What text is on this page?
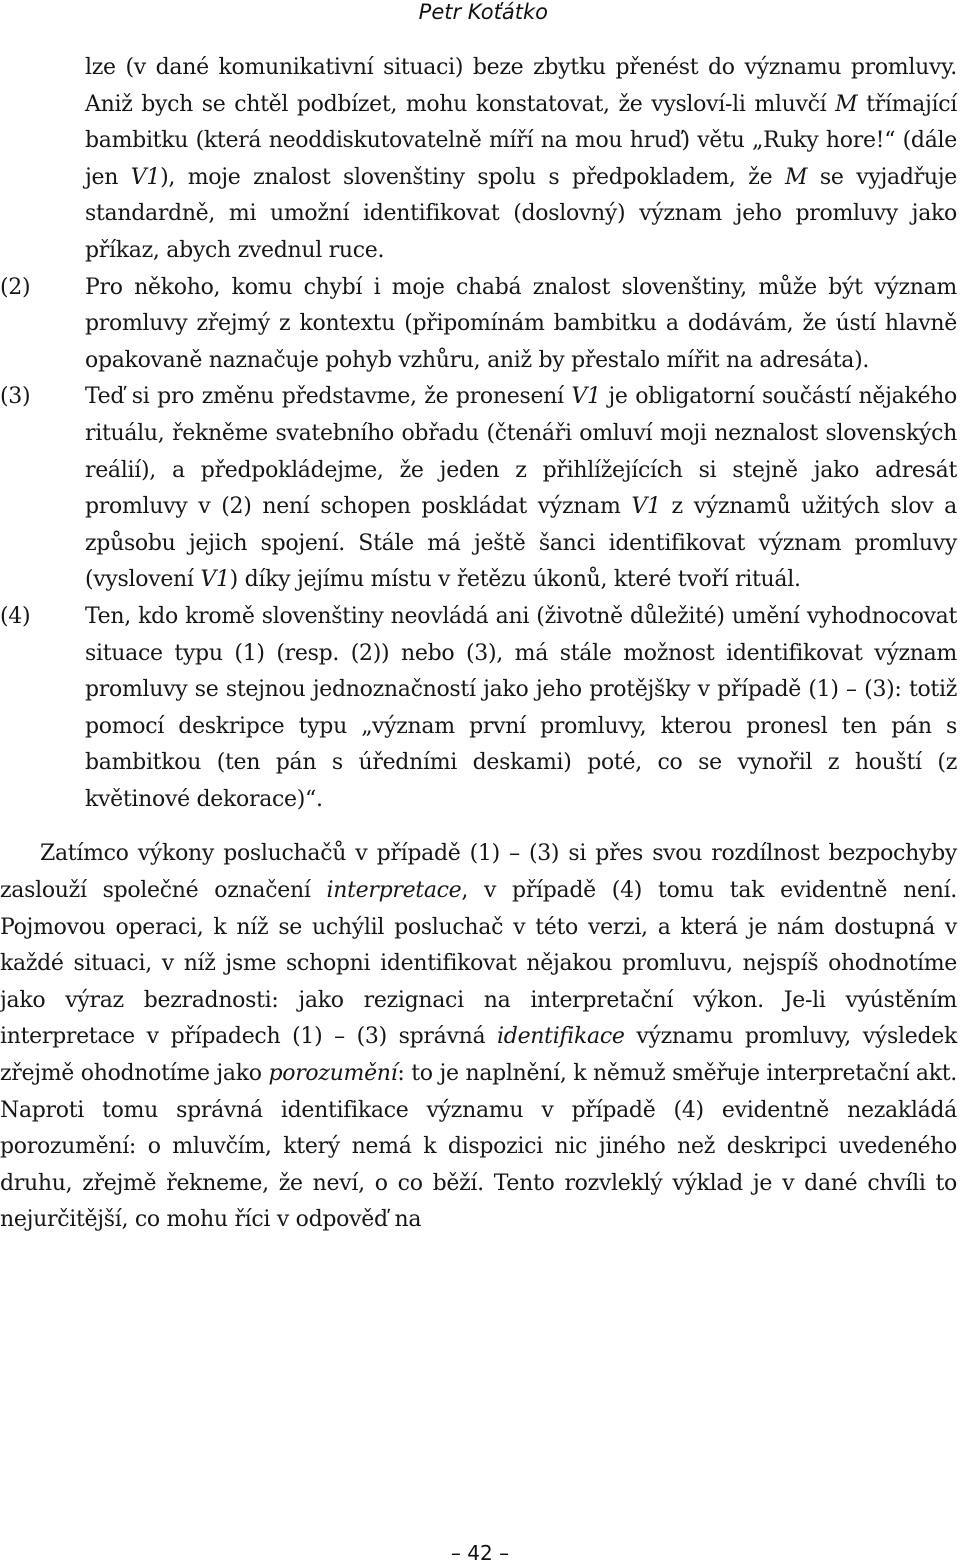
Petr Koťátko
lze (v dané komunikativní situaci) beze zbytku přenést do významu promluvy. Aniž bych se chtěl podbízet, mohu konstatovat, že vysloví-li mluvčí M třímající bambitku (která neoddiskutovatelně míří na mou hruď) větu „Ruky hore!“ (dále jen V1), moje znalost slovenštiny spolu s předpokladem, že M se vyjadřuje standardně, mi umožní identifikovat (doslovný) význam jeho promluvy jako příkaz, abych zvednul ruce.
(2) Pro někoho, komu chybí i moje chabá znalost slovenštiny, může být význam promluvy zřejmý z kontextu (připomínám bambitku a dodávám, že ústí hlavně opakovaně naznačuje pohyb vzhůru, aniž by přestalo mířit na adresáta).
(3) Teď si pro změnu představme, že pronesení V1 je obligatorní součástí nějakého rituálu, řekněme svatebního obřadu (čtenáři omluví moji neznalost slovenských reálií), a předpokládejme, že jeden z přihlížejících si stejně jako adresát promluvy v (2) není schopen poskládat význam V1 z významů užitých slov a způsobu jejich spojení. Stále má ještě šanci identifikovat význam promluvy (vyslovení V1) díky jejímu místu v řetězu úkonů, které tvoří rituál.
(4) Ten, kdo kromě slovenštiny neovládá ani (životně důležité) umění vyhodnocovat situace typu (1) (resp. (2)) nebo (3), má stále možnost identifikovat význam promluvy se stejnou jednoznačností jako jeho protějšky v případě (1) – (3): totiž pomocí deskripce typu „význam první promluvy, kterou pronesl ten pán s bambitkou (ten pán s úředními deskami) poté, co se vynořil z houští (z květinové dekorace)“.
Zatímco výkony posluchačů v případě (1) – (3) si přes svou rozdílnost bezpochyby zaslouží společné označení interpretace, v případě (4) tomu tak evidentně není. Pojmovou operaci, k níž se uchýlil posluchač v této verzi, a která je nám dostupná v každé situaci, v níž jsme schopni identifikovat nějakou promluvu, nejspíš ohodnotíme jako výraz bezradnosti: jako rezignaci na interpretační výkon. Je-li vyústěním interpretace v případech (1) – (3) správná identifikace významu promluvy, výsledek zřejmě ohodnotíme jako porozumění: to je naplnění, k němuž směřuje interpretační akt. Naproti tomu správná identifikace významu v případě (4) evidentně nezakládá porozumění: o mluvčím, který nemá k dispozici nic jiného než deskripci uvedeného druhu, zřejmě řekneme, že neví, o co běží. Tento rozvleklý výklad je v dané chvíli to nejurčitější, co mohu říci v odpověď na
– 42 –
